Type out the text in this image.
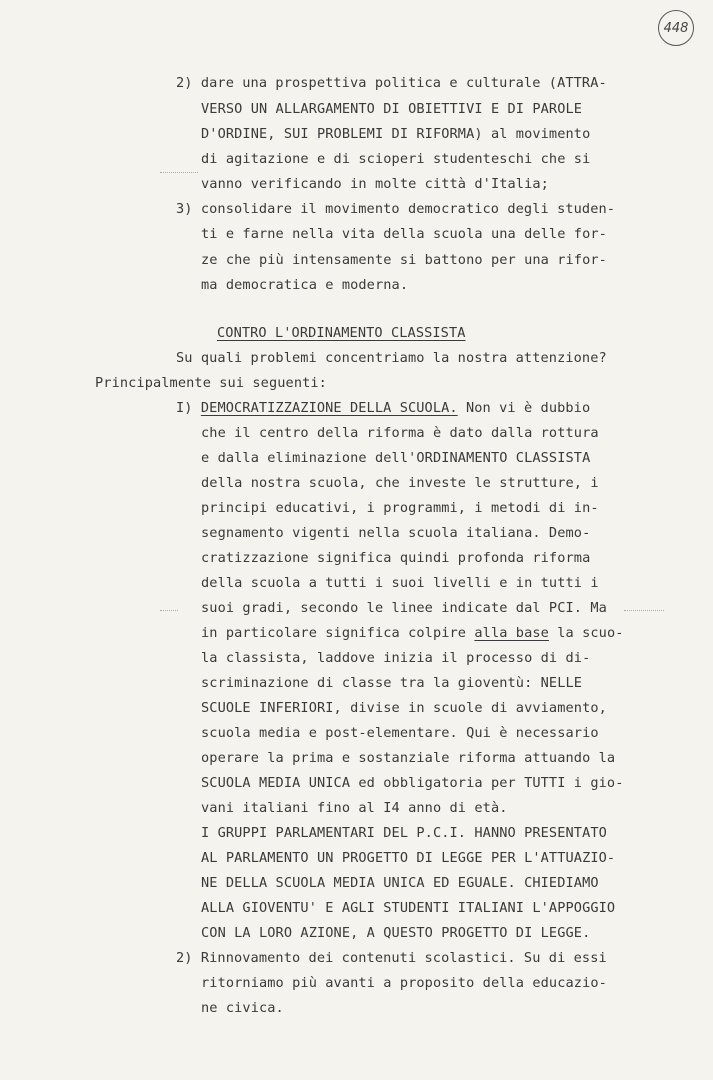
448
2) dare una prospettiva politica e culturale (ATTRA-
VERSO UN ALLARGAMENTO DI OBIETTIVI E DI PAROLE
D'ORDINE, SUI PROBLEMI DI RIFORMA) al movimento
di agitazione e di scioperi studenteschi che si
vanno verificando in molte città d'Italia;
3) consolidare il movimento democratico degli studen-
ti e farne nella vita della scuola una delle for-
ze che più intensamente si battono per una rifor-
ma democratica e moderna.
CONTRO L'ORDINAMENTO CLASSISTA
Su quali problemi concentriamo la nostra attenzione?
Principalmente sui seguenti:
I) DEMOCRATIZZAZIONE DELLA SCUOLA. Non vi è dubbio
che il centro della riforma è dato dalla rottura
e dalla eliminazione dell'ORDINAMENTO CLASSISTA
della nostra scuola, che investe le strutture, i
principi educativi, i programmi, i metodi di in-
segnamento vigenti nella scuola italiana. Demo-
cratizzazione significa quindi profonda riforma
della scuola a tutti i suoi livelli e in tutti i
suoi gradi, secondo le linee indicate dal PCI. Ma
in particolare significa colpire alla base la scuo-
la classista, laddove inizia il processo di di-
scriminazione di classe tra la gioventù: NELLE
SCUOLE INFERIORI, divise in scuole di avviamento,
scuola media e post-elementare. Qui è necessario
operare la prima e sostanziale riforma attuando la
SCUOLA MEDIA UNICA ed obbligatoria per TUTTI i gio-
vani italiani fino al I4 anno di età.
I GRUPPI PARLAMENTARI DEL P.C.I. HANNO PRESENTATO
AL PARLAMENTO UN PROGETTO DI LEGGE PER L'ATTUAZIO-
NE DELLA SCUOLA MEDIA UNICA ED EGUALE. CHIEDIAMO
ALLA GIOVENTU' E AGLI STUDENTI ITALIANI L'APPOGGIO
CON LA LORO AZIONE, A QUESTO PROGETTO DI LEGGE.
2) Rinnovamento dei contenuti scolastici. Su di essi
ritorniamo più avanti a proposito della educazio-
ne civica.
